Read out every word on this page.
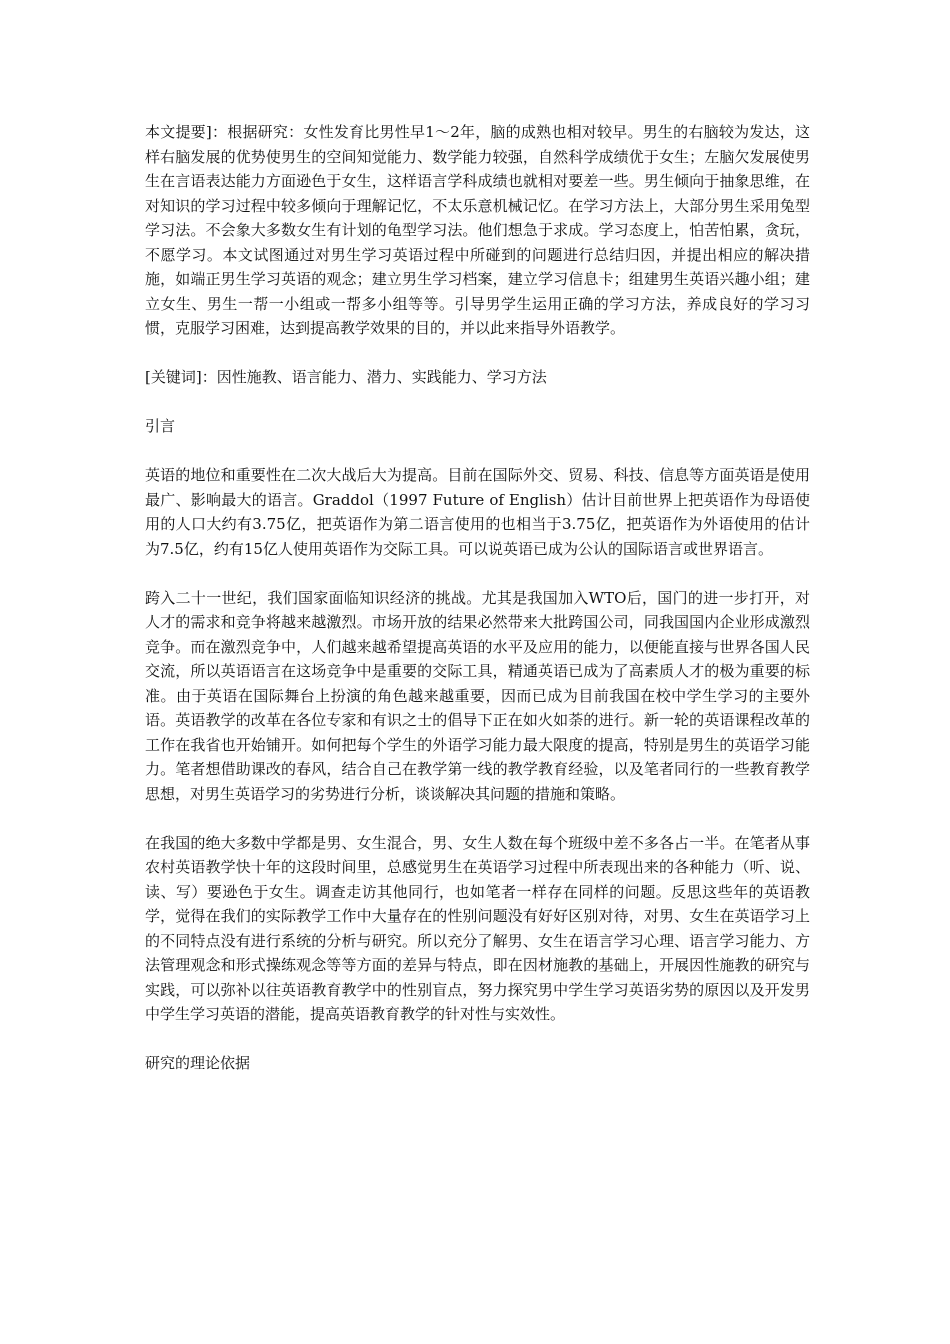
本文提要]：根据研究：女性发育比男性早1～2年，脑的成熟也相对较早。男生的右脑较为发达，这样右脑发展的优势使男生的空间知觉能力、数学能力较强，自然科学成绩优于女生；左脑欠发展使男生在言语表达能力方面逊色于女生，这样语言学科成绩也就相对要差一些。男生倾向于抽象思维，在对知识的学习过程中较多倾向于理解记忆，不太乐意机械记忆。在学习方法上，大部分男生采用兔型学习法。不会象大多数女生有计划的龟型学习法。他们想急于求成。学习态度上，怕苦怕累，贪玩，不愿学习。本文试图通过对男生学习英语过程中所碰到的问题进行总结归因，并提出相应的解决措施，如端正男生学习英语的观念；建立男生学习档案，建立学习信息卡；组建男生英语兴趣小组；建立女生、男生一帮一小组或一帮多小组等等。引导男学生运用正确的学习方法，养成良好的学习习惯，克服学习困难，达到提高教学效果的目的，并以此来指导外语教学。

[关键词]：因性施教、语言能力、潜力、实践能力、学习方法

引言

英语的地位和重要性在二次大战后大为提高。目前在国际外交、贸易、科技、信息等方面英语是使用最广、影响最大的语言。Graddol（1997 Future of English）估计目前世界上把英语作为母语使用的人口大约有3.75亿，把英语作为第二语言使用的也相当于3.75亿，把英语作为外语使用的估计为7.5亿，约有15亿人使用英语作为交际工具。可以说英语已成为公认的国际语言或世界语言。

跨入二十一世纪，我们国家面临知识经济的挑战。尤其是我国加入WTO后，国门的进一步打开，对人才的需求和竞争将越来越激烈。市场开放的结果必然带来大批跨国公司，同我国国内企业形成激烈竞争。而在激烈竞争中，人们越来越希望提高英语的水平及应用的能力，以便能直接与世界各国人民交流，所以英语语言在这场竞争中是重要的交际工具，精通英语已成为了高素质人才的极为重要的标准。由于英语在国际舞台上扮演的角色越来越重要，因而已成为目前我国在校中学生学习的主要外语。英语教学的改革在各位专家和有识之士的倡导下正在如火如荼的进行。新一轮的英语课程改革的工作在我省也开始铺开。如何把每个学生的外语学习能力最大限度的提高，特别是男生的英语学习能力。笔者想借助课改的春风，结合自己在教学第一线的教学教育经验，以及笔者同行的一些教育教学思想，对男生英语学习的劣势进行分析，谈谈解决其问题的措施和策略。

在我国的绝大多数中学都是男、女生混合，男、女生人数在每个班级中差不多各占一半。在笔者从事农村英语教学快十年的这段时间里，总感觉男生在英语学习过程中所表现出来的各种能力（听、说、读、写）要逊色于女生。调查走访其他同行，也如笔者一样存在同样的问题。反思这些年的英语教学，觉得在我们的实际教学工作中大量存在的性别问题没有好好区别对待，对男、女生在英语学习上的不同特点没有进行系统的分析与研究。所以充分了解男、女生在语言学习心理、语言学习能力、方法管理观念和形式操练观念等等方面的差异与特点，即在因材施教的基础上，开展因性施教的研究与实践，可以弥补以往英语教育教学中的性别盲点，努力探究男中学生学习英语劣势的原因以及开发男中学生学习英语的潜能，提高英语教育教学的针对性与实效性。

研究的理论依据
